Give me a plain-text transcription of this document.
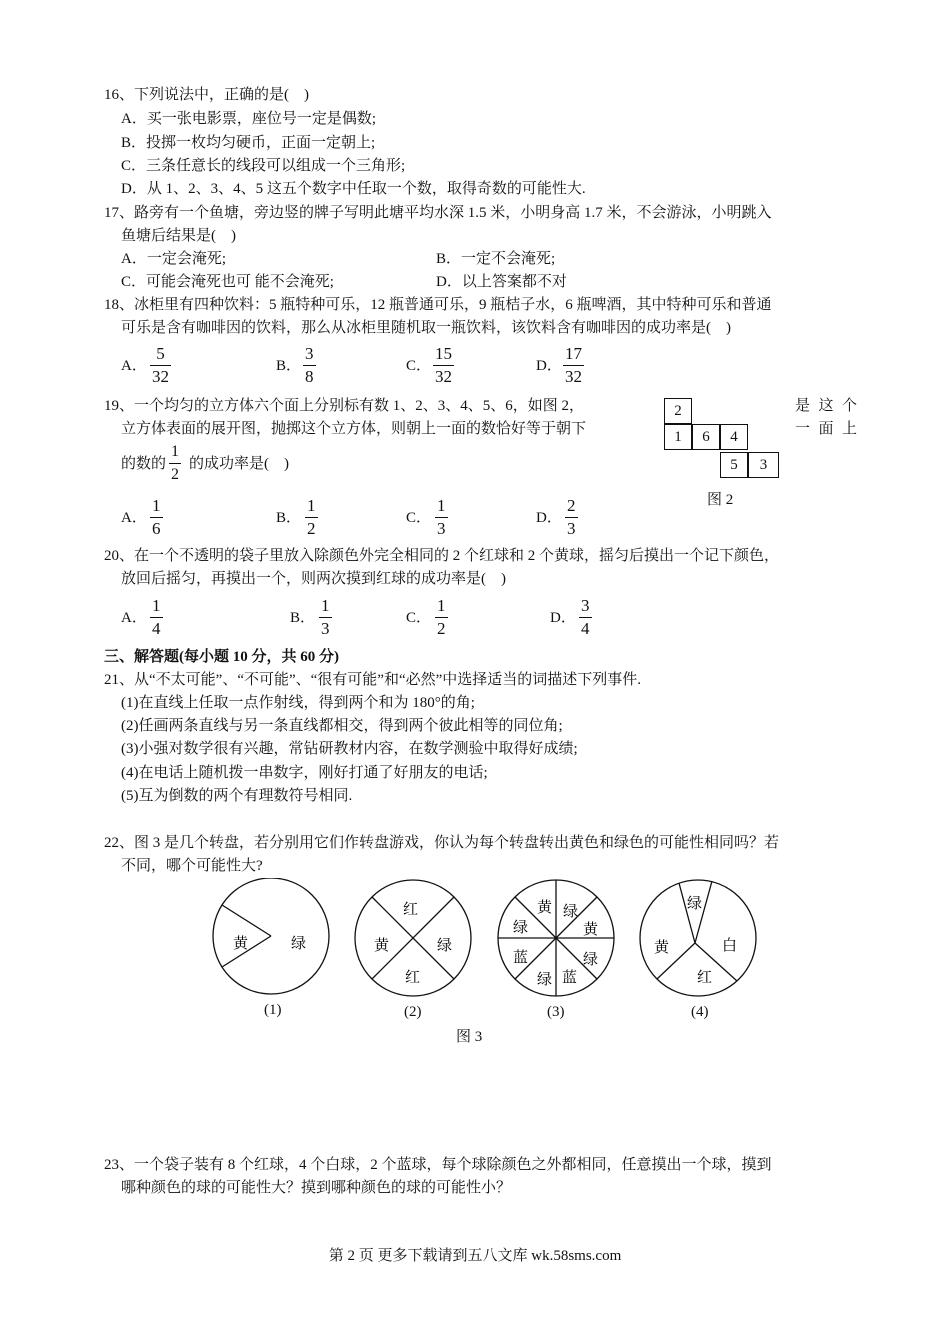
16、下列说法中，正确的是(　)
A．买一张电影票，座位号一定是偶数;
B．投掷一枚均匀硬币，正面一定朝上;
C．三条任意长的线段可以组成一个三角形;
D．从 1、2、3、4、5 这五个数字中任取一个数，取得奇数的可能性大.
17、路旁有一个鱼塘，旁边竖的牌子写明此塘平均水深 1.5 米，小明身高 1.7 米，不会游泳，小明跳入
鱼塘后结果是(　)
A．一定会淹死;	B．一定不会淹死;
C．可能会淹死也可 能不会淹死;	D．以上答案都不对
18、冰柜里有四种饮料：5 瓶特种可乐，12 瓶普通可乐，9 瓶桔子水，6 瓶啤酒，其中特种可乐和普通
可乐是含有咖啡因的饮料，那么从冰柜里随机取一瓶饮料，该饮料含有咖啡因的成功率是(　)
A． $\frac{5}{32}$	B． $\frac{3}{8}$	C． $\frac{15}{32}$	D． $\frac{17}{32}$
19、一个均匀的立方体六个面上分别标有数 1、2、3、4、5、6，如图 2，	是 这 个
立方体表面的展开图，抛掷这个立方体，则朝上一面的数恰好等于朝下	一 面 上
的数的 $\frac{1}{2}$ 的成功率是(　)
2
1	6	4
5	3
图 2
A． $\frac{1}{6}$	B． $\frac{1}{2}$	C． $\frac{1}{3}$	D． $\frac{2}{3}$
20、在一个不透明的袋子里放入除颜色外完全相同的 2 个红球和 2 个黄球，摇匀后摸出一个记下颜色，
放回后摇匀，再摸出一个，则两次摸到红球的成功率是(　)
A． $\frac{1}{4}$	B． $\frac{1}{3}$	C． $\frac{1}{2}$	D． $\frac{3}{4}$
三、解答题(每小题 10 分，共 60 分)
21、从“不太可能”、“不可能”、“很有可能”和“必然”中选择适当的词描述下列事件.
(1)在直线上任取一点作射线，得到两个和为 180°的角;
(2)任画两条直线与另一条直线都相交，得到两个彼此相等的同位角;
(3)小强对数学很有兴趣，常钻研教材内容，在数学测验中取得好成绩;
(4)在电话上随机拨一串数字，刚好打通了好朋友的电话;
(5)互为倒数的两个有理数符号相同.
22、图 3 是几个转盘，若分别用它们作转盘游戏，你认为每个转盘转出黄色和绿色的可能性相同吗？若
不同，哪个可能性大?
黄	绿
红
黄	绿
红
黄 绿
绿	黄
蓝	绿
绿 蓝
绿
黄	白
红
(1)	(2)	(3)	(4)
图 3
23、一个袋子装有 8 个红球，4 个白球，2 个蓝球，每个球除颜色之外都相同，任意摸出一个球，摸到
哪种颜色的球的可能性大？摸到哪种颜色的球的可能性小？
第 2 页 更多下载请到五八文库 wk.58sms.com
